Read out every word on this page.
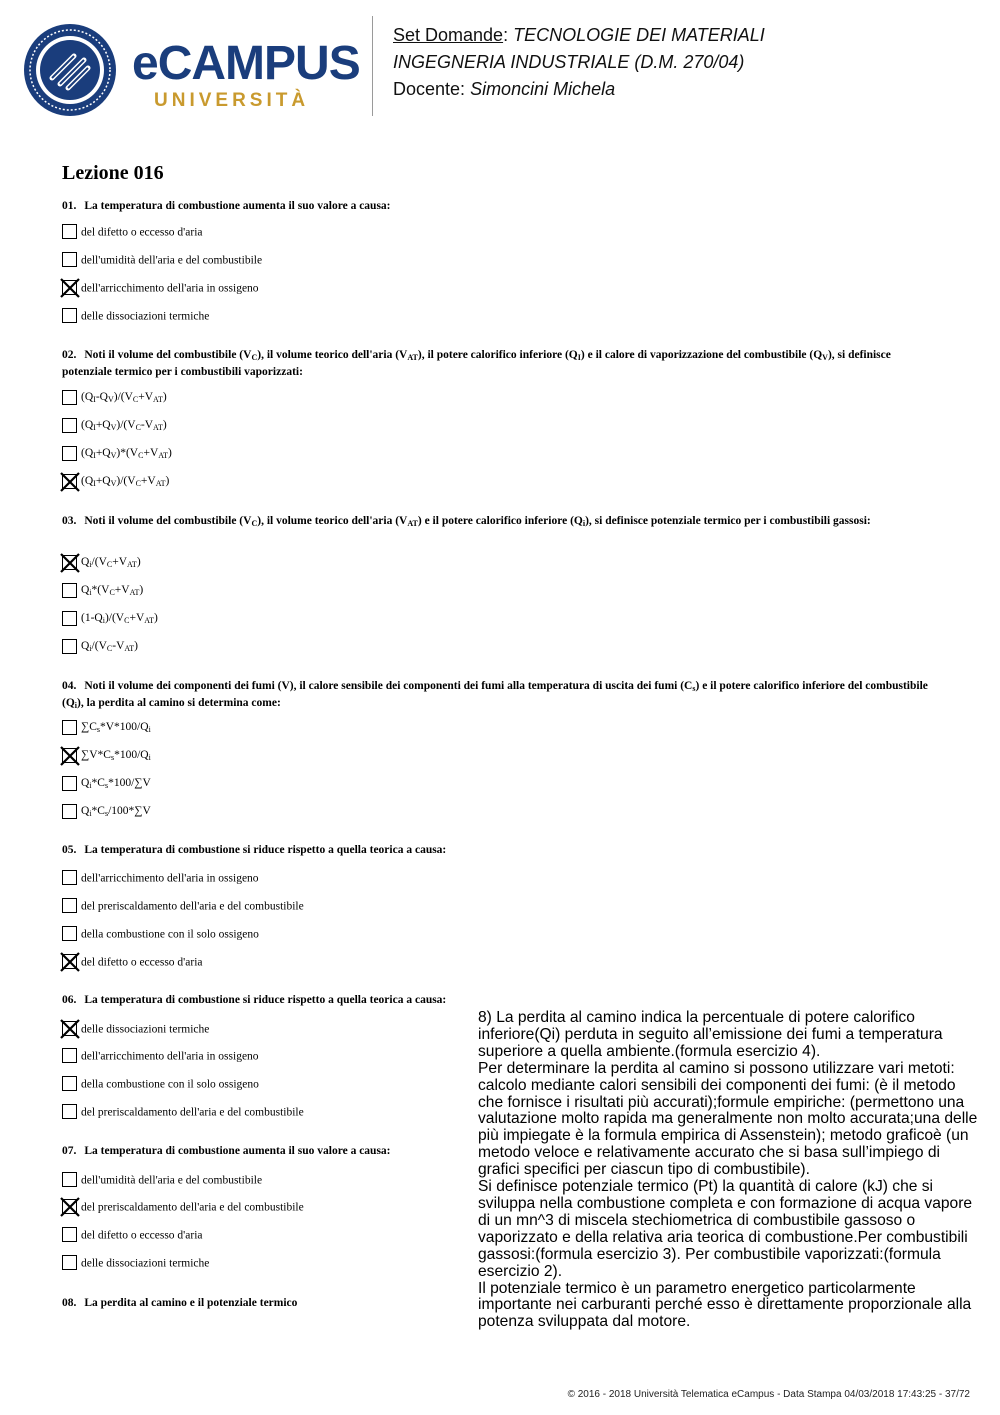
eCAMPUS
UNIVERSITÀ
Set Domande: TECNOLOGIE DEI MATERIALI
INGEGNERIA INDUSTRIALE (D.M. 270/04)
Docente: Simoncini Michela
Lezione 016
01. La temperatura di combustione aumenta il suo valore a causa:
del difetto o eccesso d'aria
dell'umidità dell'aria e del combustibile
dell'arricchimento dell'aria in ossigeno
delle dissociazioni termiche
02. Noti il volume del combustibile $(V_C)$, il volume teorico dell'aria $(V_{AT})$, il potere calorifico inferiore $(Q_I)$ e il calore di vaporizzazione del combustibile $(Q_V)$, si definisce potenziale termico per i combustibili vaporizzati:
$(Q_I-Q_V)/(V_C+V_{AT})$
$(Q_I+Q_V)/(V_C-V_{AT})$
$(Q_I+Q_V)*(V_C+V_{AT})$
$(Q_I+Q_V)/(V_C+V_{AT})$
03. Noti il volume del combustibile $(V_C)$, il volume teorico dell'aria $(V_{AT})$ e il potere calorifico inferiore $(Q_i)$, si definisce potenziale termico per i combustibili gassosi:
$Q_i/(V_C+V_{AT})$
$Q_i*(V_C+V_{AT})$
$(1-Q_i)/(V_C+V_{AT})$
$Q_i/(V_C-V_{AT})$
04. Noti il volume dei componenti dei fumi (V), il calore sensibile dei componenti dei fumi alla temperatura di uscita dei fumi $(C_s)$ e il potere calorifico inferiore del combustibile $(Q_i)$, la perdita al camino si determina come:
$\sum C_s*V*100/Q_i$
$\sum V*C_s*100/Q_i$
$Q_i*C_s*100/\sum V$
$Q_i*C_s/100*\sum V$
05. La temperatura di combustione si riduce rispetto a quella teorica a causa:
dell'arricchimento dell'aria in ossigeno
del preriscaldamento dell'aria e del combustibile
della combustione con il solo ossigeno
del difetto o eccesso d'aria
06. La temperatura di combustione si riduce rispetto a quella teorica a causa:
delle dissociazioni termiche
dell'arricchimento dell'aria in ossigeno
della combustione con il solo ossigeno
del preriscaldamento dell'aria e del combustibile
07. La temperatura di combustione aumenta il suo valore a causa:
dell'umidità dell'aria e del combustibile
del preriscaldamento dell'aria e del combustibile
del difetto o eccesso d'aria
delle dissociazioni termiche
08. La perdita al camino e il potenziale termico

8) La perdita al camino indica la percentuale di potere calorifico inferiore(Qi) perduta in seguito all’emissione dei fumi a temperatura superiore a quella ambiente.(formula esercizio 4).

Per determinare la perdita al camino si possono utilizzare vari metoti: calcolo mediante calori sensibili dei componenti dei fumi: (è il metodo che fornisce i risultati più accurati);formule empiriche: (permettono una valutazione molto rapida ma generalmente non molto accurata;una delle più impiegate è la formula empirica di Assenstein); metodo graficoè (un metodo veloce e relativamente accurato che si basa sull’impiego di grafici specifici per ciascun tipo di combustibile).

Si definisce potenziale termico (Pt) la quantità di calore (kJ) che si sviluppa nella combustione completa e con formazione di acqua vapore di un mn^3 di miscela stechiometrica di combustibile gassoso o vaporizzato e della relativa aria teorica di combustione.Per combustibili gassosi:(formula esercizio 3). Per combustibile vaporizzati:(formula esercizio 2).

Il potenziale termico è un parametro energetico particolarmente importante nei carburanti perché esso è direttamente proporzionale alla potenza sviluppata dal motore.

© 2016 - 2018 Università Telematica eCampus - Data Stampa 04/03/2018 17:43:25 - 37/72
